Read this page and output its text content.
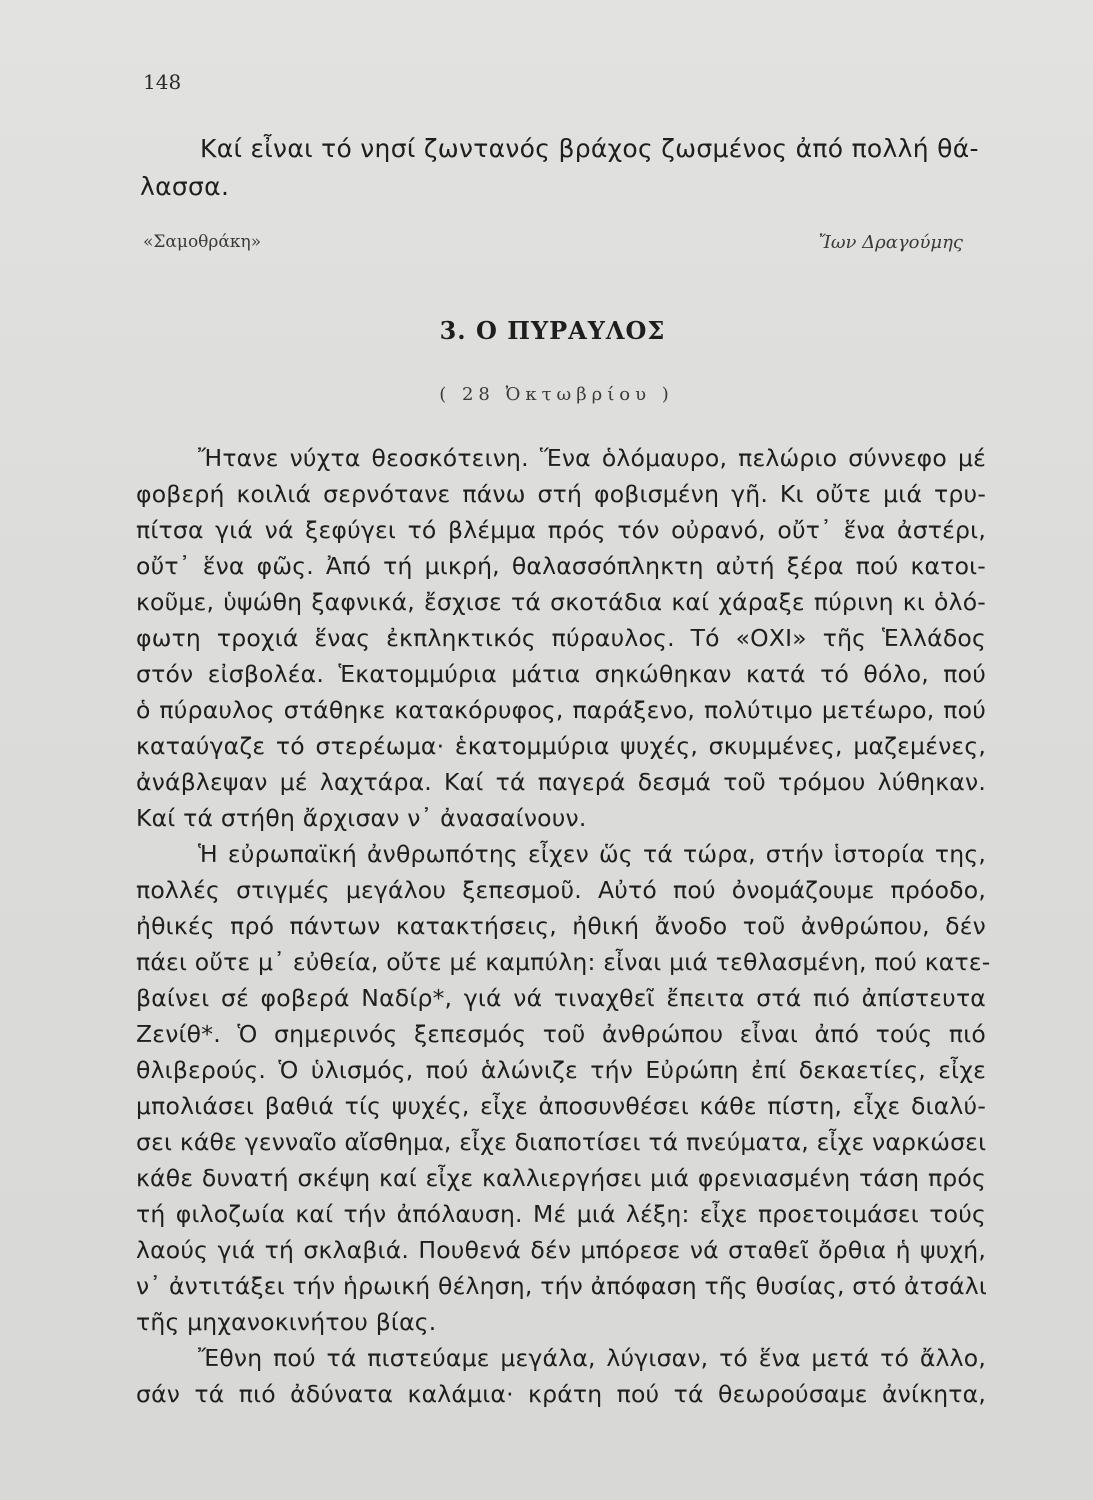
148
Καί εἶναι τό νησί ζωντανός βράχος ζωσμένος ἀπό πολλή θά-
λασσα.
«Σαμοθράκη»	Ἴων Δραγούμης
3. Ο ΠΥΡΑΥΛΟΣ
( 28 Ὀκτωβρίου )
Ἤτανε νύχτα θεοσκότεινη. Ἕνα ὁλόμαυρο, πελώριο σύννεφο μέ
φοβερή κοιλιά σερνότανε πάνω στή φοβισμένη γῆ. Κι οὔτε μιά τρυ-
πίτσα γιά νά ξεφύγει τό βλέμμα πρός τόν οὐρανό, οὔτ᾿ ἕνα ἀστέρι,
οὔτ᾿ ἕνα φῶς. Ἀπό τή μικρή, θαλασσόπληκτη αὐτή ξέρα πού κατοι-
κοῦμε, ὑψώθη ξαφνικά, ἔσχισε τά σκοτάδια καί χάραξε πύρινη κι ὁλό-
φωτη τροχιά ἕνας ἐκπληκτικός πύραυλος. Τό «ΟΧΙ» τῆς Ἑλλάδος
στόν εἰσβολέα. Ἑκατομμύρια μάτια σηκώθηκαν κατά τό θόλο, πού
ὁ πύραυλος στάθηκε κατακόρυφος, παράξενο, πολύτιμο μετέωρο, πού
καταύγαζε τό στερέωμα· ἑκατομμύρια ψυχές, σκυμμένες, μαζεμένες,
ἀνάβλεψαν μέ λαχτάρα. Καί τά παγερά δεσμά τοῦ τρόμου λύθηκαν.
Καί τά στήθη ἄρχισαν ν᾿ ἀνασαίνουν.
Ἡ εὐρωπαϊκή ἀνθρωπότης εἶχεν ὥς τά τώρα, στήν ἱστορία της,
πολλές στιγμές μεγάλου ξεπεσμοῦ. Αὐτό πού ὀνομάζουμε πρόοδο,
ἠθικές πρό πάντων κατακτήσεις, ἠθική ἄνοδο τοῦ ἀνθρώπου, δέν
πάει οὔτε μ᾿ εὐθεία, οὔτε μέ καμπύλη: εἶναι μιά τεθλασμένη, πού κατε-
βαίνει σέ φοβερά Ναδίρ*, γιά νά τιναχθεῖ ἔπειτα στά πιό ἀπίστευτα
Ζενίθ*. Ὁ σημερινός ξεπεσμός τοῦ ἀνθρώπου εἶναι ἀπό τούς πιό
θλιβερούς. Ὁ ὑλισμός, πού ἁλώνιζε τήν Εὐρώπη ἐπί δεκαετίες, εἶχε
μπολιάσει βαθιά τίς ψυχές, εἶχε ἀποσυνθέσει κάθε πίστη, εἶχε διαλύ-
σει κάθε γενναῖο αἴσθημα, εἶχε διαποτίσει τά πνεύματα, εἶχε ναρκώσει
κάθε δυνατή σκέψη καί εἶχε καλλιεργήσει μιά φρενιασμένη τάση πρός
τή φιλοζωία καί τήν ἀπόλαυση. Μέ μιά λέξη: εἶχε προετοιμάσει τούς
λαούς γιά τή σκλαβιά. Πουθενά δέν μπόρεσε νά σταθεῖ ὄρθια ἡ ψυχή,
ν᾿ ἀντιτάξει τήν ἡρωική θέληση, τήν ἀπόφαση τῆς θυσίας, στό ἀτσάλι
τῆς μηχανοκινήτου βίας.
Ἔθνη πού τά πιστεύαμε μεγάλα, λύγισαν, τό ἕνα μετά τό ἄλλο,
σάν τά πιό ἀδύνατα καλάμια· κράτη πού τά θεωρούσαμε ἀνίκητα,
